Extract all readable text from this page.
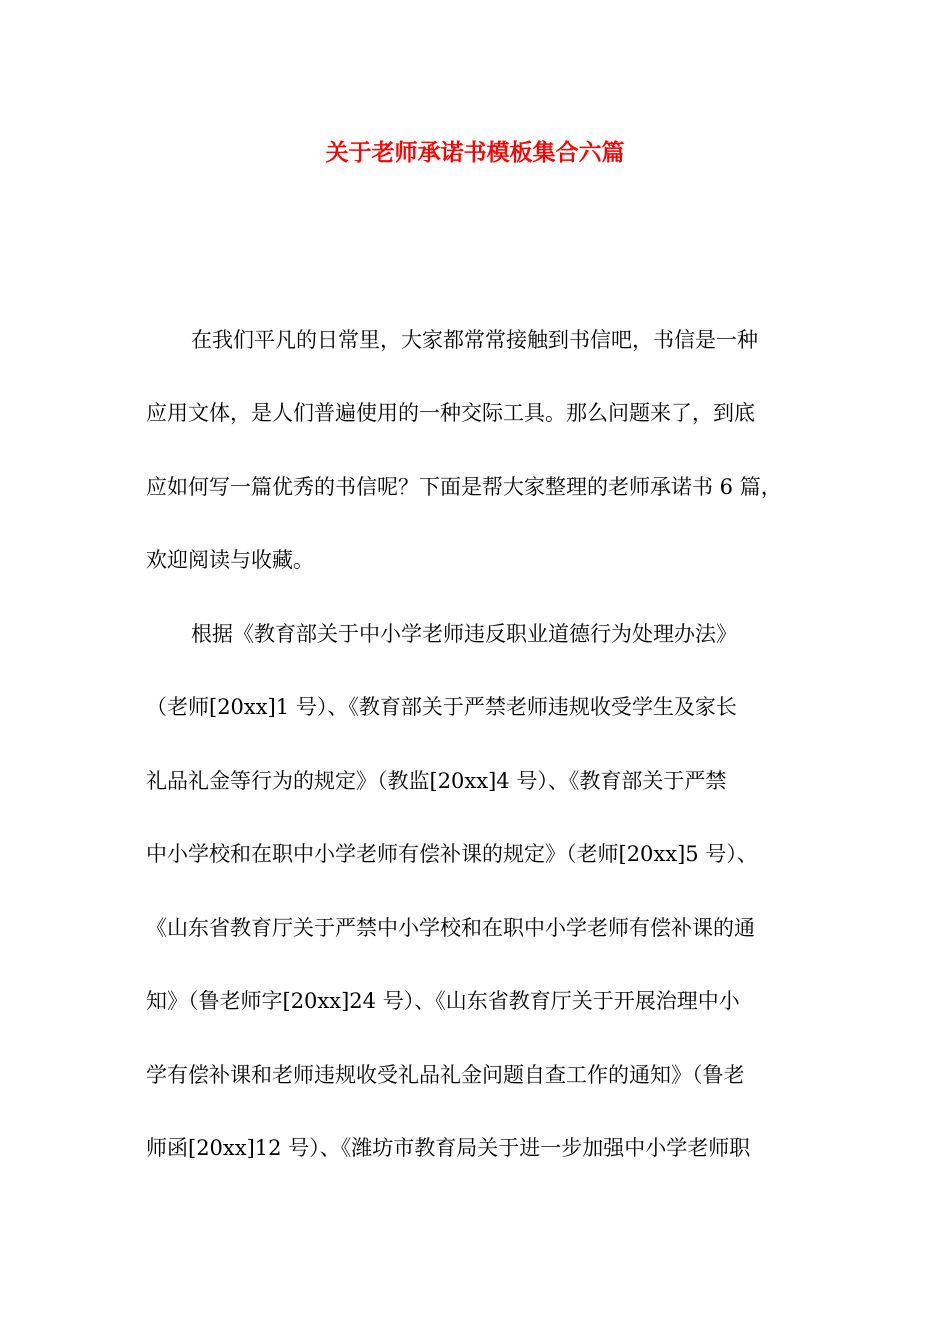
关于老师承诺书模板集合六篇

在我们平凡的日常里，大家都常常接触到书信吧，书信是一种

应用文体，是人们普遍使用的一种交际工具。那么问题来了，到底

应如何写一篇优秀的书信呢？下面是帮大家整理的老师承诺书 6 篇，

欢迎阅读与收藏。

根据《教育部关于中小学老师违反职业道德行为处理办法》

（老师[20xx]1 号）、《教育部关于严禁老师违规收受学生及家长

礼品礼金等行为的规定》（教监[20xx]4 号）、《教育部关于严禁

中小学校和在职中小学老师有偿补课的规定》（老师[20xx]5 号）、

《山东省教育厅关于严禁中小学校和在职中小学老师有偿补课的通

知》（鲁老师字[20xx]24 号）、《山东省教育厅关于开展治理中小

学有偿补课和老师违规收受礼品礼金问题自查工作的通知》（鲁老

师函[20xx]12 号）、《潍坊市教育局关于进一步加强中小学老师职
